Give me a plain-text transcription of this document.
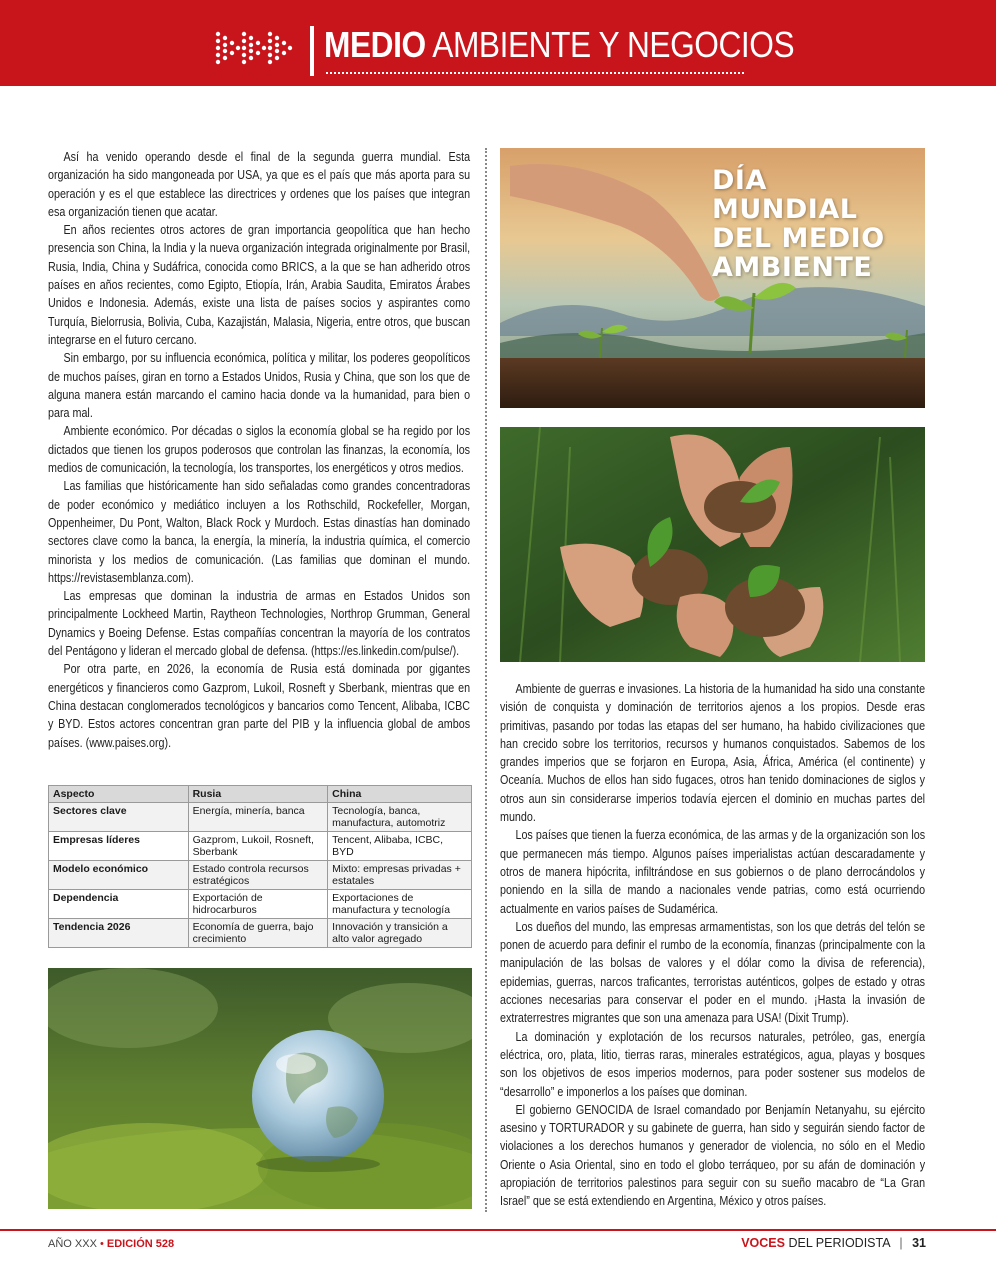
MEDIO AMBIENTE Y NEGOCIOS

Así ha venido operando desde el final de la segunda guerra mundial. Esta organización ha sido mangoneada por USA, ya que es el país que más aporta para su operación y es el que establece las directrices y ordenes que los países que integran esa organización tienen que acatar.

En años recientes otros actores de gran importancia geopolítica que han hecho presencia son China, la India y la nueva organización integrada originalmente por Brasil, Rusia, India, China y Sudáfrica, conocida como BRICS, a la que se han adherido otros países en años recientes, como Egipto, Etiopía, Irán, Arabia Saudita, Emiratos Árabes Unidos e Indonesia. Además, existe una lista de países socios y aspirantes como Turquía, Bielorrusia, Bolivia, Cuba, Kazajistán, Malasia, Nigeria, entre otros, que buscan integrarse en el futuro cercano.

Sin embargo, por su influencia económica, política y militar, los poderes geopolíticos de muchos países, giran en torno a Estados Unidos, Rusia y China, que son los que de alguna manera están marcando el camino hacia donde va la humanidad, para bien o para mal.

Ambiente económico. Por décadas o siglos la economía global se ha regido por los dictados que tienen los grupos poderosos que controlan las finanzas, la economía, los medios de comunicación, la tecnología, los transportes, los energéticos y otros medios.

Las familias que históricamente han sido señaladas como grandes concentradoras de poder económico y mediático incluyen a los Rothschild, Rockefeller, Morgan, Oppenheimer, Du Pont, Walton, Black Rock y Murdoch. Estas dinastías han dominado sectores clave como la banca, la energía, la minería, la industria química, el comercio minorista y los medios de comunicación. (Las familias que dominan el mundo. https://revistasemblanza.com).

Las empresas que dominan la industria de armas en Estados Unidos son principalmente Lockheed Martin, Raytheon Technologies, Northrop Grumman, General Dynamics y Boeing Defense. Estas compañías concentran la mayoría de los contratos del Pentágono y lideran el mercado global de defensa. (https://es.linkedin.com/pulse/).

Por otra parte, en 2026, la economía de Rusia está dominada por gigantes energéticos y financieros como Gazprom, Lukoil, Rosneft y Sberbank, mientras que en China destacan conglomerados tecnológicos y bancarios como Tencent, Alibaba, ICBC y BYD. Estos actores concentran gran parte del PIB y la influencia global de ambos países. (www.paises.org).

Aspecto	Rusia	China
Sectores clave	Energía, minería, banca	Tecnología, banca, manufactura, automotriz
Empresas líderes	Gazprom, Lukoil, Rosneft, Sberbank	Tencent, Alibaba, ICBC, BYD
Modelo económico	Estado controla recursos estratégicos	Mixto: empresas privadas + estatales
Dependencia	Exportación de hidrocarburos	Exportaciones de manufactura y tecnología
Tendencia 2026	Economía de guerra, bajo crecimiento	Innovación y transición a alto valor agregado
DÍA
MUNDIAL
DEL MEDIO
AMBIENTE

Ambiente de guerras e invasiones. La historia de la humanidad ha sido una constante visión de conquista y dominación de territorios ajenos a los propios. Desde eras primitivas, pasando por todas las etapas del ser humano, ha habido civilizaciones que han crecido sobre los territorios, recursos y humanos conquistados. Sabemos de los grandes imperios que se forjaron en Europa, Asia, África, América (el continente) y Oceanía. Muchos de ellos han sido fugaces, otros han tenido dominaciones de siglos y otros aun sin considerarse imperios todavía ejercen el dominio en muchas partes del mundo.

Los países que tienen la fuerza económica, de las armas y de la organización son los que permanecen más tiempo. Algunos países imperialistas actúan descaradamente y otros de manera hipócrita, infiltrándose en sus gobiernos o de plano derrocándolos y poniendo en la silla de mando a nacionales vende patrias, como está ocurriendo actualmente en varios países de Sudamérica.

Los dueños del mundo, las empresas armamentistas, son los que detrás del telón se ponen de acuerdo para definir el rumbo de la economía, finanzas (principalmente con la manipulación de las bolsas de valores y el dólar como la divisa de referencia), epidemias, guerras, narcos traficantes, terroristas auténticos, golpes de estado y otras acciones necesarias para conservar el poder en el mundo. ¡Hasta la invasión de extraterrestres migrantes que son una amenaza para USA! (Dixit Trump).

La dominación y explotación de los recursos naturales, petróleo, gas, energía eléctrica, oro, plata, litio, tierras raras, minerales estratégicos, agua, playas y bosques son los objetivos de esos imperios modernos, para poder sostener sus modelos de “desarrollo” e imponerlos a los países que dominan.

El gobierno GENOCIDA de Israel comandado por Benjamín Netanyahu, su ejército asesino y TORTURADOR y su gabinete de guerra, han sido y seguirán siendo factor de violaciones a los derechos humanos y generador de violencia, no sólo en el Medio Oriente o Asia Oriental, sino en todo el globo terráqueo, por su afán de dominación y apropiación de territorios palestinos para seguir con su sueño macabro de “La Gran Israel” que se está extendiendo en Argentina, México y otros países.

AÑO XXX • EDICIÓN 528	VOCES DEL PERIODISTA | 31
